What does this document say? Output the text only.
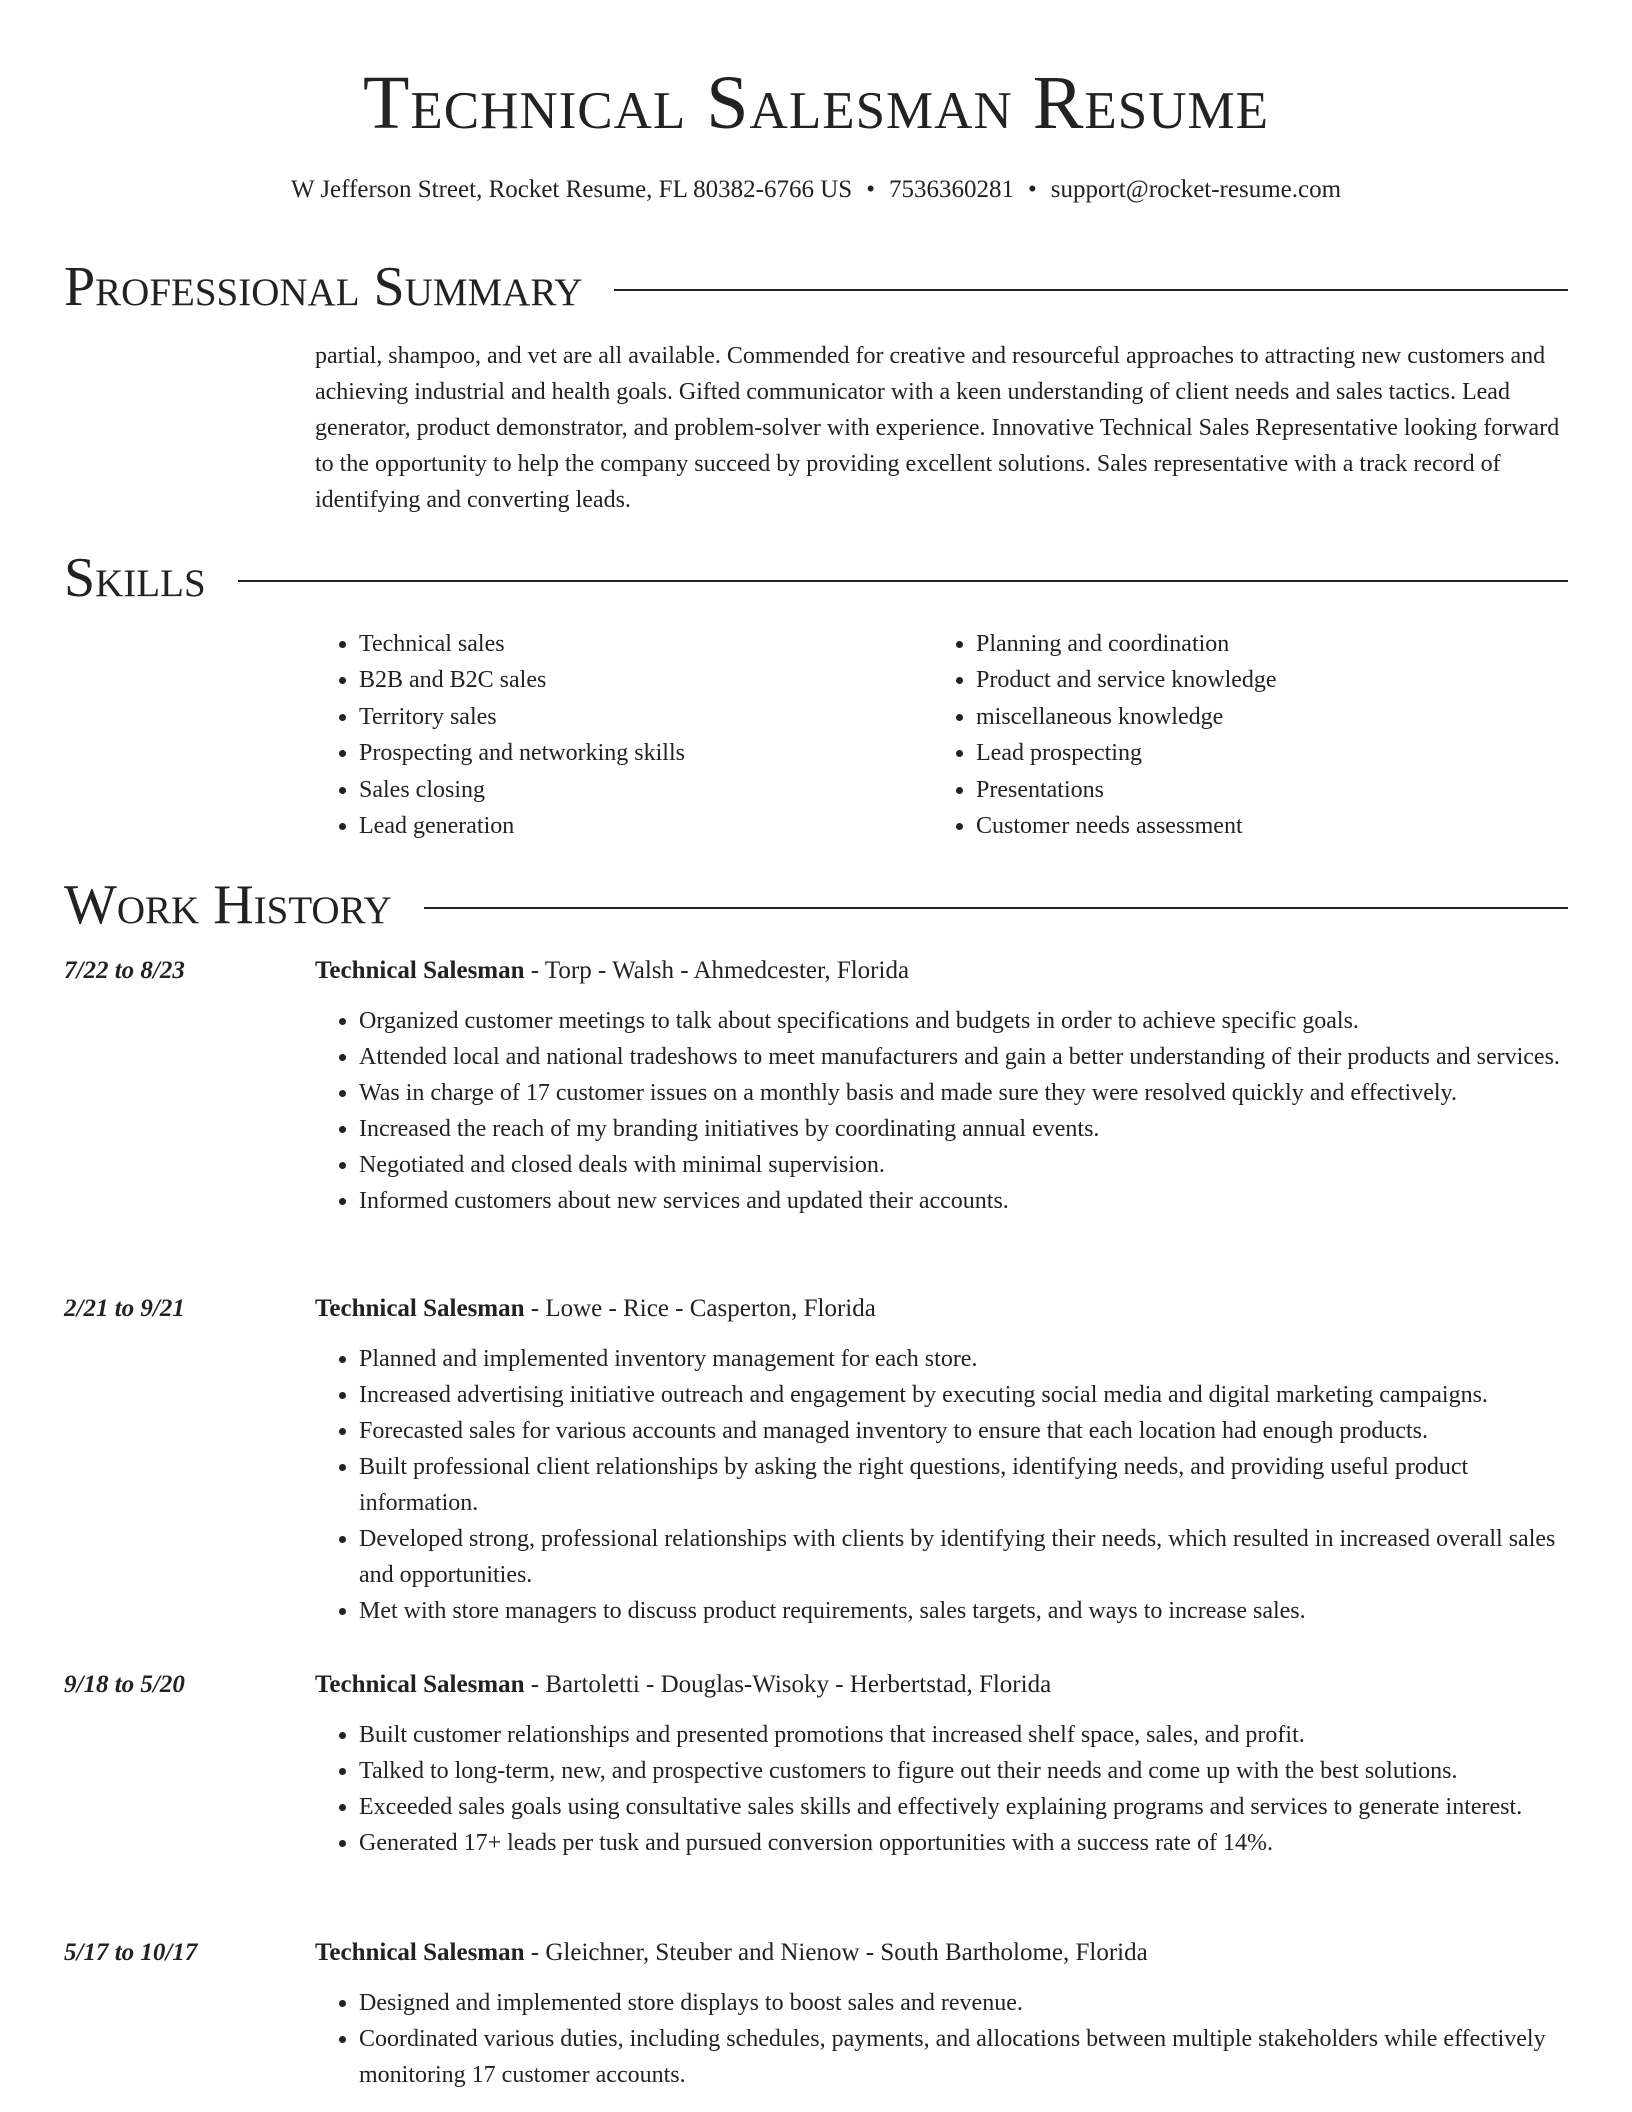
Technical Salesman Resume
W Jefferson Street, Rocket Resume, FL 80382-6766 US • 7536360281 • support@rocket-resume.com
Professional Summary

partial, shampoo, and vet are all available. Commended for creative and resourceful approaches to attracting new customers and achieving industrial and health goals. Gifted communicator with a keen understanding of client needs and sales tactics. Lead generator, product demonstrator, and problem-solver with experience. Innovative Technical Sales Representative looking forward to the opportunity to help the company succeed by providing excellent solutions. Sales representative with a track record of identifying and converting leads.

Skills
• Technical sales
• B2B and B2C sales
• Territory sales
• Prospecting and networking skills
• Sales closing
• Lead generation
• Planning and coordination
• Product and service knowledge
• miscellaneous knowledge
• Lead prospecting
• Presentations
• Customer needs assessment
Work History
7/22 to 8/23	Technical Salesman - Torp - Walsh - Ahmedcester, Florida
• Organized customer meetings to talk about specifications and budgets in order to achieve specific goals.
• Attended local and national tradeshows to meet manufacturers and gain a better understanding of their products and services.
• Was in charge of 17 customer issues on a monthly basis and made sure they were resolved quickly and effectively.
• Increased the reach of my branding initiatives by coordinating annual events.
• Negotiated and closed deals with minimal supervision.
• Informed customers about new services and updated their accounts.
2/21 to 9/21	Technical Salesman - Lowe - Rice - Casperton, Florida
• Planned and implemented inventory management for each store.
• Increased advertising initiative outreach and engagement by executing social media and digital marketing campaigns.
• Forecasted sales for various accounts and managed inventory to ensure that each location had enough products.
• Built professional client relationships by asking the right questions, identifying needs, and providing useful product information.
• Developed strong, professional relationships with clients by identifying their needs, which resulted in increased overall sales and opportunities.
• Met with store managers to discuss product requirements, sales targets, and ways to increase sales.
9/18 to 5/20	Technical Salesman - Bartoletti - Douglas-Wisoky - Herbertstad, Florida
• Built customer relationships and presented promotions that increased shelf space, sales, and profit.
• Talked to long-term, new, and prospective customers to figure out their needs and come up with the best solutions.
• Exceeded sales goals using consultative sales skills and effectively explaining programs and services to generate interest.
• Generated 17+ leads per tusk and pursued conversion opportunities with a success rate of 14%.
5/17 to 10/17	Technical Salesman - Gleichner, Steuber and Nienow - South Bartholome, Florida
• Designed and implemented store displays to boost sales and revenue.
• Coordinated various duties, including schedules, payments, and allocations between multiple stakeholders while effectively monitoring 17 customer accounts.
